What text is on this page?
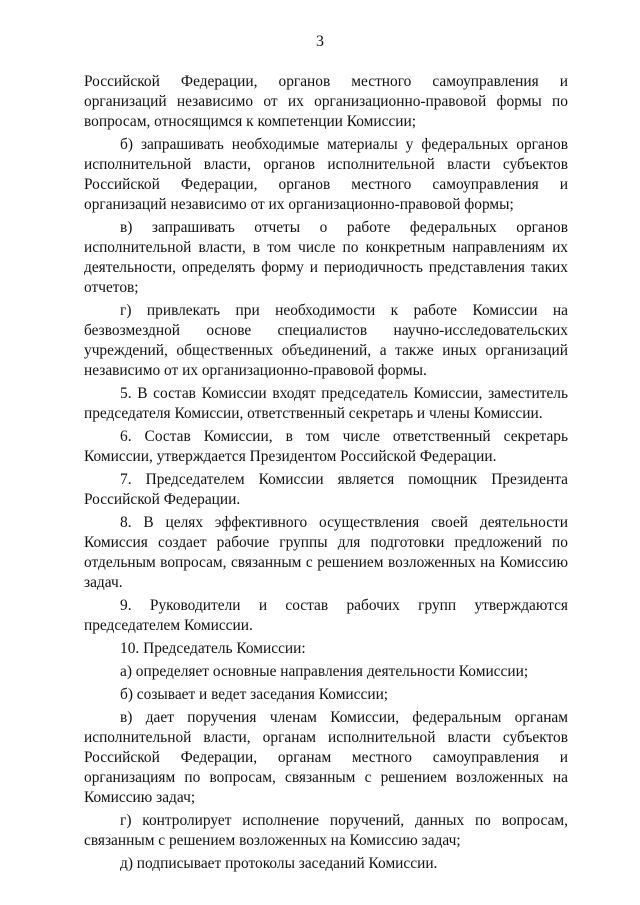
3

Российской Федерации, органов местного самоуправления и организаций независимо от их организационно-правовой формы по вопросам, относящимся к компетенции Комиссии;

б) запрашивать необходимые материалы у федеральных органов исполнительной власти, органов исполнительной власти субъектов Российской Федерации, органов местного самоуправления и организаций независимо от их организационно-правовой формы;

в) запрашивать отчеты о работе федеральных органов исполнительной власти, в том числе по конкретным направлениям их деятельности, определять форму и периодичность представления таких отчетов;

г) привлекать при необходимости к работе Комиссии на безвозмездной основе специалистов научно-исследовательских учреждений, общественных объединений, а также иных организаций независимо от их организационно-правовой формы.

5. В состав Комиссии входят председатель Комиссии, заместитель председателя Комиссии, ответственный секретарь и члены Комиссии.

6. Состав Комиссии, в том числе ответственный секретарь Комиссии, утверждается Президентом Российской Федерации.

7. Председателем Комиссии является помощник Президента Российской Федерации.

8. В целях эффективного осуществления своей деятельности Комиссия создает рабочие группы для подготовки предложений по отдельным вопросам, связанным с решением возложенных на Комиссию задач.

9. Руководители и состав рабочих групп утверждаются председателем Комиссии.

10. Председатель Комиссии:

а) определяет основные направления деятельности Комиссии;

б) созывает и ведет заседания Комиссии;

в) дает поручения членам Комиссии, федеральным органам исполнительной власти, органам исполнительной власти субъектов Российской Федерации, органам местного самоуправления и организациям по вопросам, связанным с решением возложенных на Комиссию задач;

г) контролирует исполнение поручений, данных по вопросам, связанным с решением возложенных на Комиссию задач;

д) подписывает протоколы заседаний Комиссии.
